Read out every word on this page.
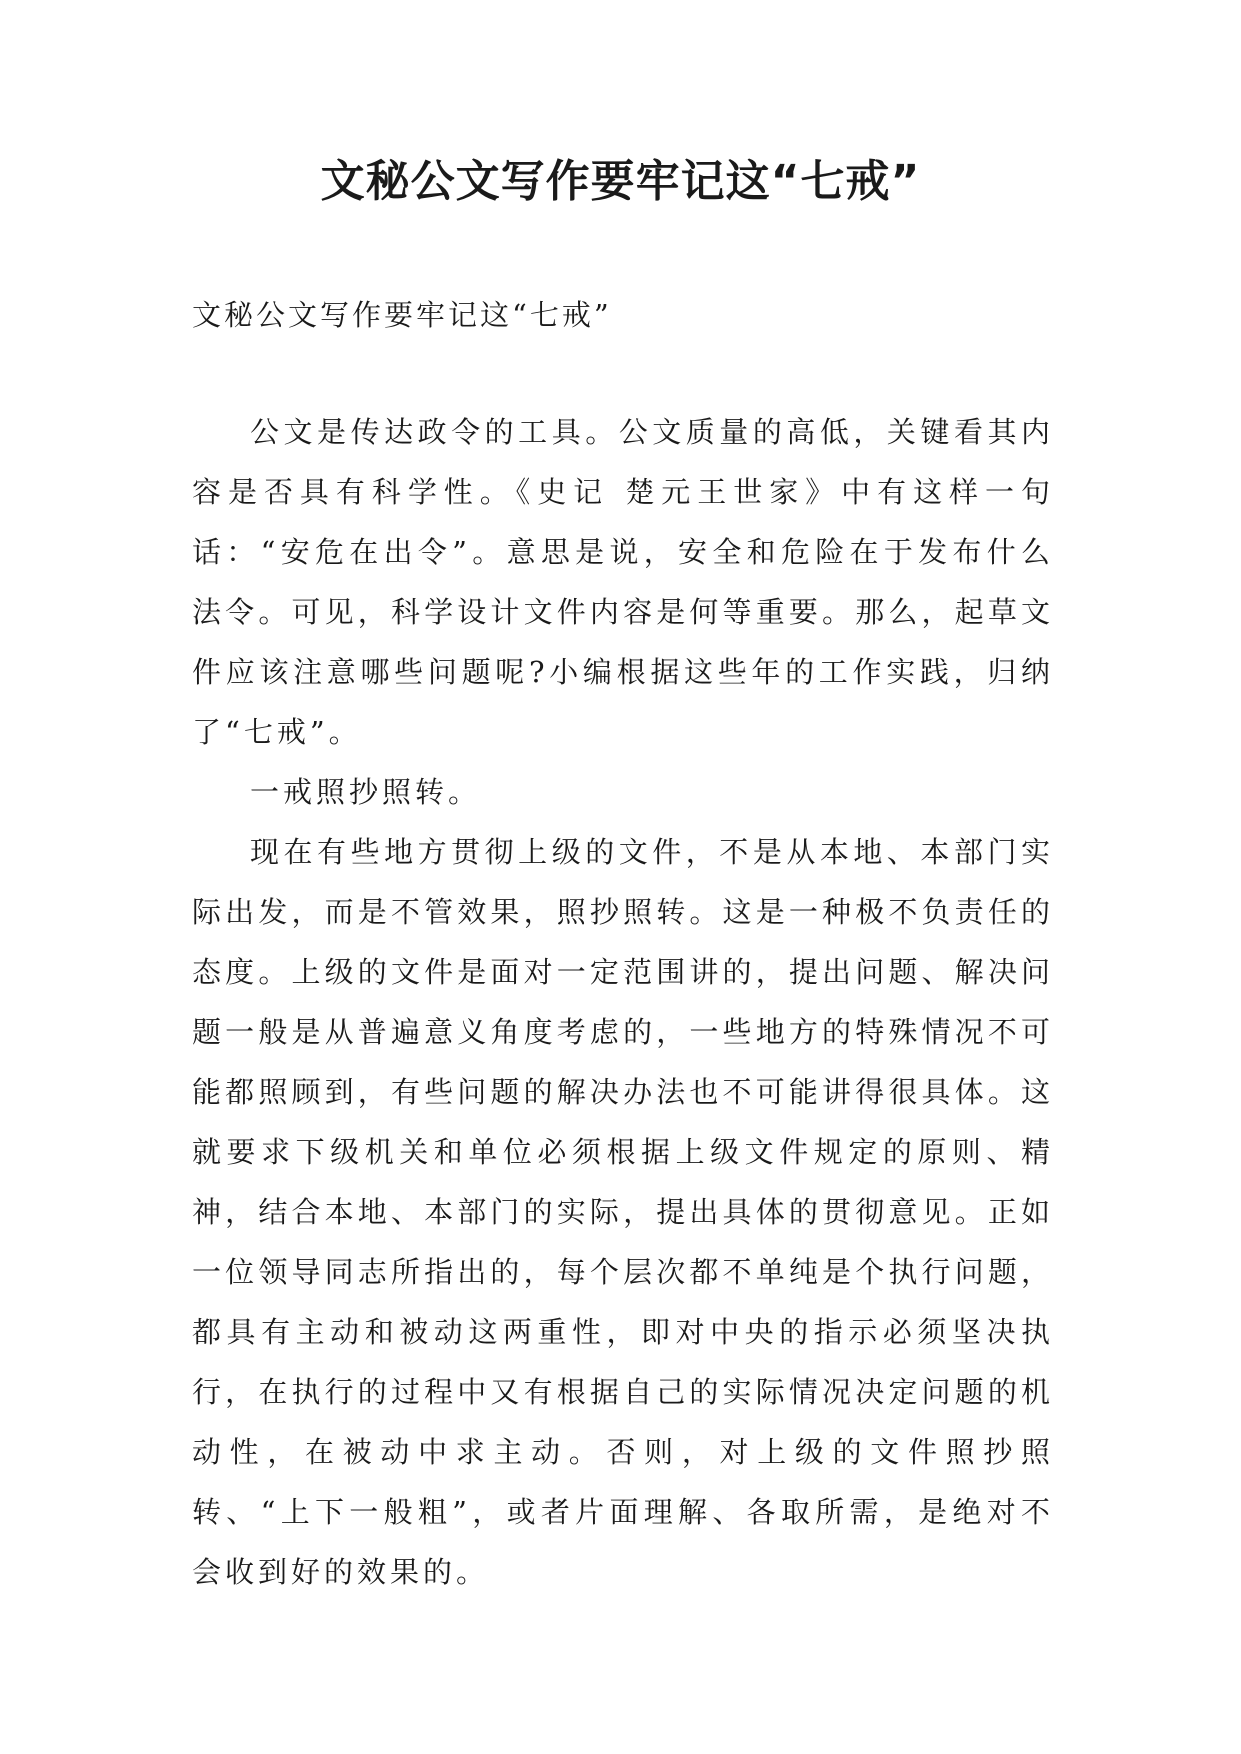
文秘公文写作要牢记这“七戒”
文秘公文写作要牢记这“七戒”

公文是传达政令的工具。公文质量的高低，关键看其内容是否具有科学性。《史记 楚元王世家》中有这样一句话：“安危在出令”。意思是说，安全和危险在于发布什么法令。可见，科学设计文件内容是何等重要。那么，起草文件应该注意哪些问题呢?小编根据这些年的工作实践，归纳了“七戒”。

一戒照抄照转。

现在有些地方贯彻上级的文件，不是从本地、本部门实际出发，而是不管效果，照抄照转。这是一种极不负责任的态度。上级的文件是面对一定范围讲的，提出问题、解决问题一般是从普遍意义角度考虑的，一些地方的特殊情况不可能都照顾到，有些问题的解决办法也不可能讲得很具体。这就要求下级机关和单位必须根据上级文件规定的原则、精神，结合本地、本部门的实际，提出具体的贯彻意见。正如一位领导同志所指出的，每个层次都不单纯是个执行问题，都具有主动和被动这两重性，即对中央的指示必须坚决执行，在执行的过程中又有根据自己的实际情况决定问题的机动性，在被动中求主动。否则，对上级的文件照抄照转、“上下一般粗”，或者片面理解、各取所需，是绝对不会收到好的效果的。
